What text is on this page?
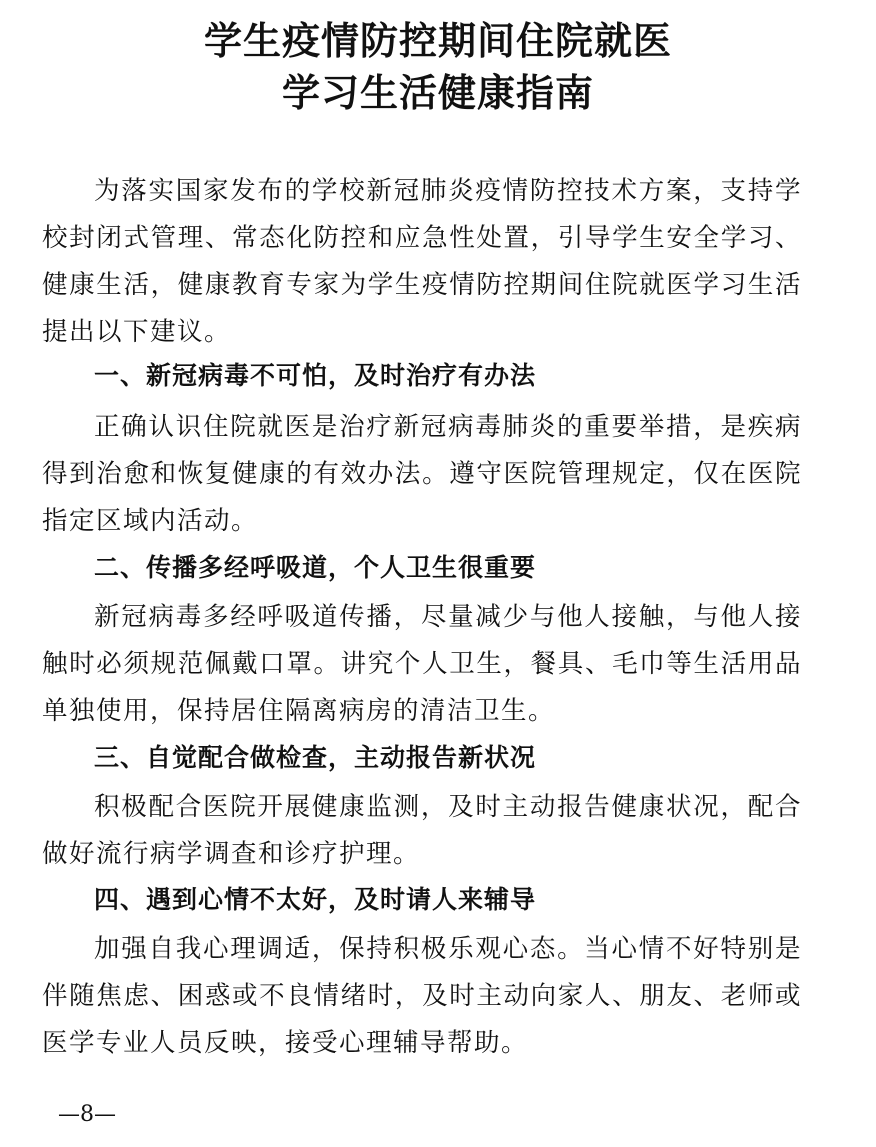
学生疫情防控期间住院就医
学习生活健康指南

为落实国家发布的学校新冠肺炎疫情防控技术方案，支持学校封闭式管理、常态化防控和应急性处置，引导学生安全学习、健康生活，健康教育专家为学生疫情防控期间住院就医学习生活提出以下建议。

一、新冠病毒不可怕，及时治疗有办法

正确认识住院就医是治疗新冠病毒肺炎的重要举措，是疾病得到治愈和恢复健康的有效办法。遵守医院管理规定，仅在医院指定区域内活动。

二、传播多经呼吸道，个人卫生很重要

新冠病毒多经呼吸道传播，尽量减少与他人接触，与他人接触时必须规范佩戴口罩。讲究个人卫生，餐具、毛巾等生活用品单独使用，保持居住隔离病房的清洁卫生。

三、自觉配合做检查，主动报告新状况

积极配合医院开展健康监测，及时主动报告健康状况，配合做好流行病学调查和诊疗护理。

四、遇到心情不太好，及时请人来辅导

加强自我心理调适，保持积极乐观心态。当心情不好特别是伴随焦虑、困惑或不良情绪时，及时主动向家人、朋友、老师或医学专业人员反映，接受心理辅导帮助。

—8—
